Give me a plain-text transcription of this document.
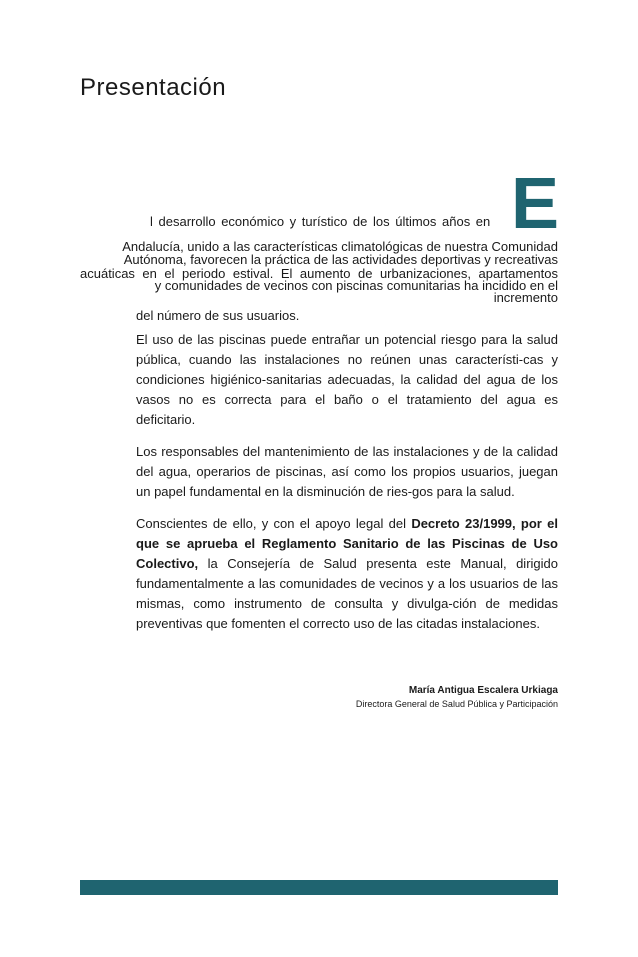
Presentación
E
l desarrollo económico y turístico de los últimos años en
Andalucía, unido a las características climatológicas de nuestra Comunidad
Autónoma, favorecen la práctica de las actividades deportivas y recreativas
acuáticas en el periodo estival. El aumento de urbanizaciones, apartamentos
y comunidades de vecinos con piscinas comunitarias ha incidido en el
incremento
del número de sus usuarios.

El uso de las piscinas puede entrañar un potencial riesgo para la salud pública, cuando las instalaciones no reúnen unas característi-cas y condiciones higiénico-sanitarias adecuadas, la calidad del agua de los vasos no es correcta para el baño o el tratamiento del agua es deficitario.

Los responsables del mantenimiento de las instalaciones y de la calidad del agua, operarios de piscinas, así como los propios usuarios, juegan un papel fundamental en la disminución de ries-gos para la salud.

Conscientes de ello, y con el apoyo legal del Decreto 23/1999, por el que se aprueba el Reglamento Sanitario de las Piscinas de Uso Colectivo, la Consejería de Salud presenta este Manual, dirigido fundamentalmente a las comunidades de vecinos y a los usuarios de las mismas, como instrumento de consulta y divulga-ción de medidas preventivas que fomenten el correcto uso de las citadas instalaciones.

María Antigua Escalera Urkiaga
Directora General de Salud Pública y Participación
